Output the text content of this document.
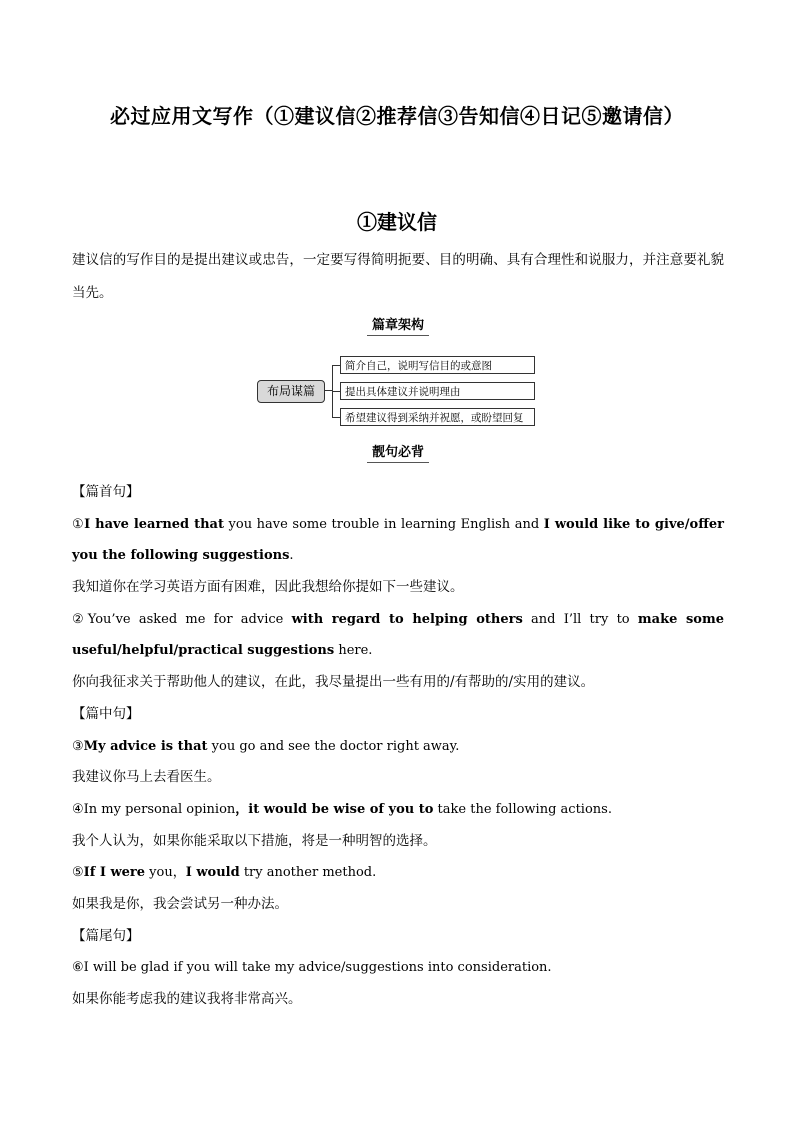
必过应用文写作（①建议信②推荐信③告知信④日记⑤邀请信）
①建议信
建议信的写作目的是提出建议或忠告，一定要写得简明扼要、目的明确、具有合理性和说服力，并注意要礼貌当先。
篇章架构
布局谋篇
简介自己，说明写信目的或意图
提出具体建议并说明理由
希望建议得到采纳并祝愿，或盼望回复
靓句必背
【篇首句】
①I have learned that you have some trouble in learning English and I would like to give/offer you the following suggestions.
我知道你在学习英语方面有困难，因此我想给你提如下一些建议。
②You’ve asked me for advice with regard to helping others and I’ll try to make some useful/helpful/practical suggestions here.
你向我征求关于帮助他人的建议，在此，我尽量提出一些有用的/有帮助的/实用的建议。
【篇中句】
③My advice is that you go and see the doctor right away.
我建议你马上去看医生。
④In my personal opinion，it would be wise of you to take the following actions.
我个人认为，如果你能采取以下措施，将是一种明智的选择。
⑤If I were you，I would try another method.
如果我是你，我会尝试另一种办法。
【篇尾句】
⑥I will be glad if you will take my advice/suggestions into consideration.
如果你能考虑我的建议我将非常高兴。
